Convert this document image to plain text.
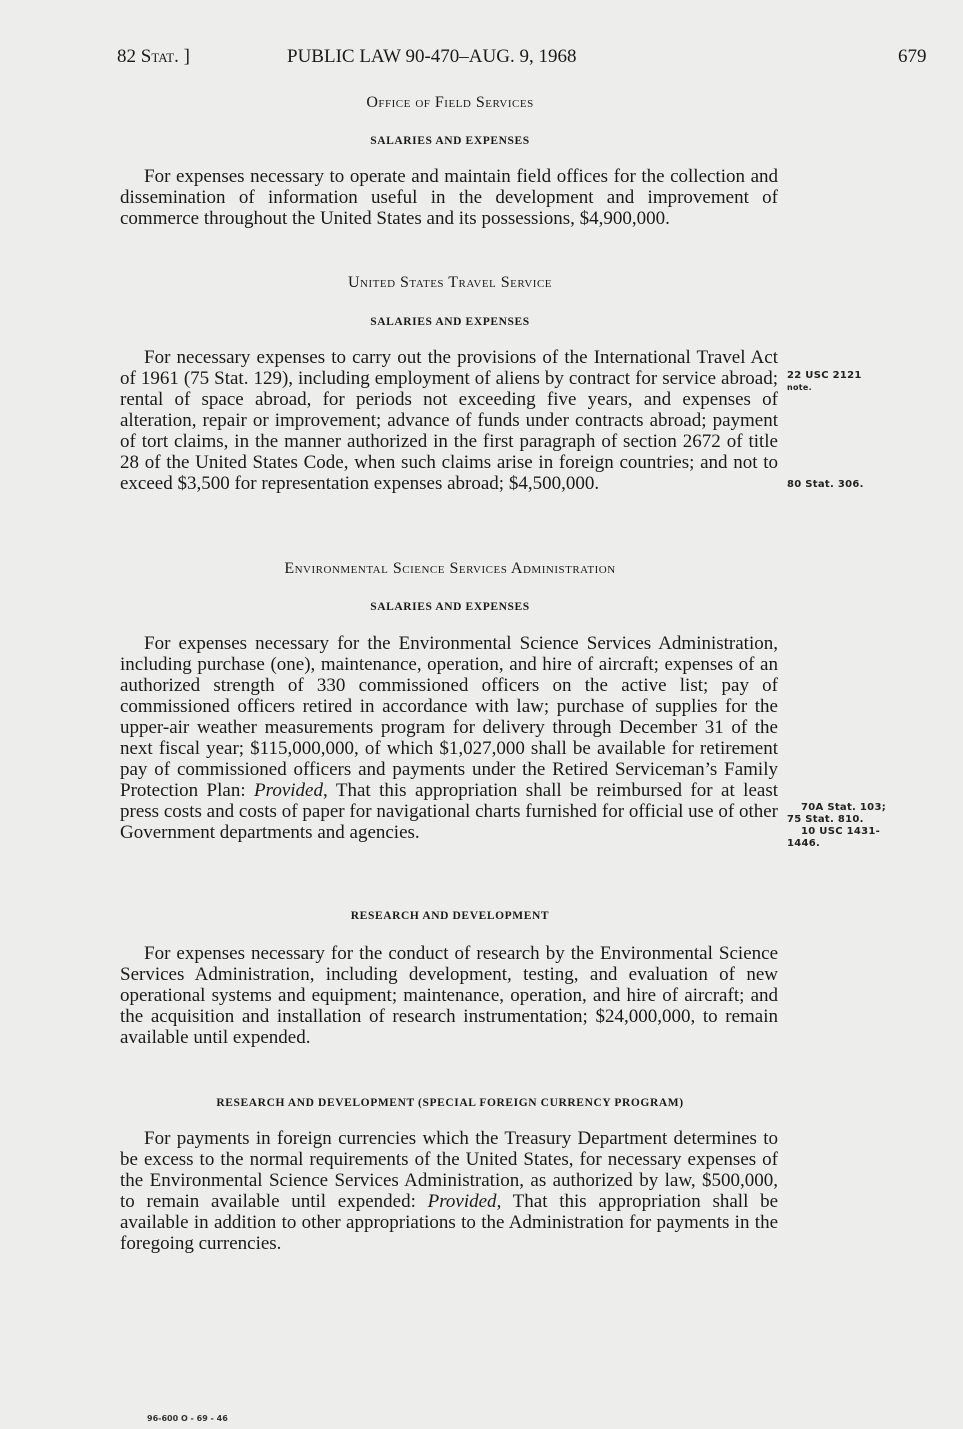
82 Stat. ]	PUBLIC LAW 90-470–AUG. 9, 1968	679
Office of Field Services
SALARIES AND EXPENSES

For expenses necessary to operate and maintain field offices for the collection and dissemination of information useful in the development and improvement of commerce throughout the United States and its possessions, $4,900,000.

United States Travel Service
SALARIES AND EXPENSES

For necessary expenses to carry out the provisions of the International Travel Act of 1961 (75 Stat. 129), including employment of aliens by contract for service abroad; rental of space abroad, for periods not exceeding five years, and expenses of alteration, repair or improvement; advance of funds under contracts abroad; payment of tort claims, in the manner authorized in the first paragraph of section 2672 of title 28 of the United States Code, when such claims arise in foreign countries; and not to exceed $3,500 for representation expenses abroad; $4,500,000.

22 USC 2121
note.
80 Stat. 306.
Environmental Science Services Administration
SALARIES AND EXPENSES

For expenses necessary for the Environmental Science Services Administration, including purchase (one), maintenance, operation, and hire of aircraft; expenses of an authorized strength of 330 commissioned officers on the active list; pay of commissioned officers retired in accordance with law; purchase of supplies for the upper-air weather measurements program for delivery through December 31 of the next fiscal year; $115,000,000, of which $1,027,000 shall be available for retirement pay of commissioned officers and payments under the Retired Serviceman’s Family Protection Plan: Provided, That this appropriation shall be reimbursed for at least press costs and costs of paper for navigational charts furnished for official use of other Government departments and agencies.

70A Stat. 103;
75 Stat. 810.
10 USC 1431-
1446.
RESEARCH AND DEVELOPMENT

For expenses necessary for the conduct of research by the Environmental Science Services Administration, including development, testing, and evaluation of new operational systems and equipment; maintenance, operation, and hire of aircraft; and the acquisition and installation of research instrumentation; $24,000,000, to remain available until expended.

RESEARCH AND DEVELOPMENT (SPECIAL FOREIGN CURRENCY PROGRAM)

For payments in foreign currencies which the Treasury Department determines to be excess to the normal requirements of the United States, for necessary expenses of the Environmental Science Services Administration, as authorized by law, $500,000, to remain available until expended: Provided, That this appropriation shall be available in addition to other appropriations to the Administration for payments in the foregoing currencies.

96-600 O - 69 - 46
